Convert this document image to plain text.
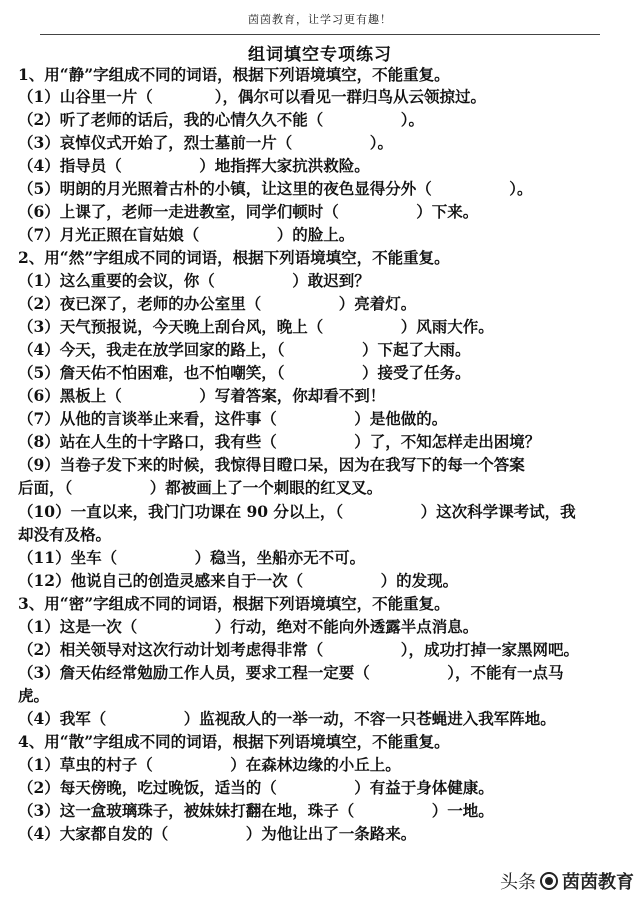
茵茵教育，让学习更有趣！
组词填空专项练习
1、用“静”字组成不同的词语，根据下列语境填空，不能重复。
（1）山谷里一片（　　　　），偶尔可以看见一群归鸟从云领掠过。
（2）听了老师的话后，我的心情久久不能（　　　　　）。
（3）哀悼仪式开始了，烈士墓前一片（　　　　　）。
（4）指导员（　　　　　）地指挥大家抗洪救险。
（5）明朗的月光照着古朴的小镇，让这里的夜色显得分外（　　　　　）。
（6）上课了，老师一走进教室，同学们顿时（　　　　　）下来。
（7）月光正照在盲姑娘（　　　　　）的脸上。
2、用“然”字组成不同的词语，根据下列语境填空，不能重复。
（1）这么重要的会议，你（　　　　　）敢迟到？
（2）夜已深了，老师的办公室里（　　　　　）亮着灯。
（3）天气预报说，今天晚上刮台风，晚上（　　　　　）风雨大作。
（4）今天，我走在放学回家的路上，（　　　　　）下起了大雨。
（5）詹天佑不怕困难，也不怕嘲笑，（　　　　　）接受了任务。
（6）黑板上（　　　　　）写着答案，你却看不到！
（7）从他的言谈举止来看，这件事（　　　　　）是他做的。
（8）站在人生的十字路口，我有些（　　　　　）了，不知怎样走出困境？
（9）当卷子发下来的时候，我惊得目瞪口呆，因为在我写下的每一个答案
后面，（　　　　　）都被画上了一个刺眼的红叉叉。
（10）一直以来，我门门功课在 90 分以上，（　　　　　）这次科学课考试，我
却没有及格。
（11）坐车（　　　　　）稳当，坐船亦无不可。
（12）他说自己的创造灵感来自于一次（　　　　　）的发现。
3、用“密”字组成不同的词语，根据下列语境填空，不能重复。
（1）这是一次（　　　　　）行动，绝对不能向外透露半点消息。
（2）相关领导对这次行动计划考虑得非常（　　　　　），成功打掉一家黑网吧。
（3）詹天佑经常勉励工作人员，要求工程一定要（　　　　　），不能有一点马
虎。
（4）我军（　　　　　）监视敌人的一举一动，不容一只苍蝇进入我军阵地。
4、用“散”字组成不同的词语，根据下列语境填空，不能重复。
（1）草虫的村子（　　　　　）在森林边缘的小丘上。
（2）每天傍晚，吃过晚饭，适当的（　　　　　）有益于身体健康。
（3）这一盒玻璃珠子，被妹妹打翻在地，珠子（　　　　　）一地。
（4）大家都自发的（　　　　　）为他让出了一条路来。
头条 茵茵教育
